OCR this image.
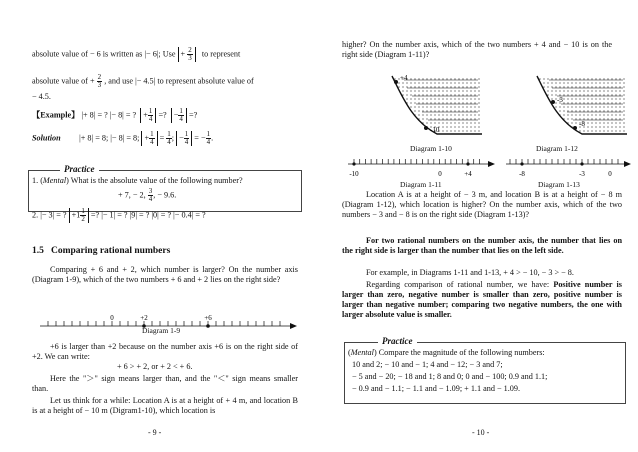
absolute value of − 6 is written as |− 6|; Use + $\frac{2}{3}$ to represent
absolute value of + $\frac{2}{3}$ , and use |− 4.5| to represent absolute value of
− 4.5.
【Example】 |+ 8| = ? |− 8| = ? + $\frac{1}{4}$ =? − $\frac{1}{4}$ =?
Solution |+ 8| = 8; |− 8| = 8; + $\frac{1}{4} = \frac{1}{4}$ ; − $\frac{1}{4}$ = − $\frac{1}{4}$ .
Practice
1. (Mental) What is the absolute value of the following number?
+ 7, − 2, $\frac{3}{4}$ , − 9.6.
2. |− 3| = ? $+1 \frac{1}{2}$ =? |− 1| = ? |9| = ? |0| = ? |− 0.4| = ?
1.5 Comparing rational numbers
Comparing + 6 and + 2, which number is larger? On the number axis (Diagram 1-9), which of the two numbers + 6 and + 2 lies on the right side?
0	+2	+6
Diagram 1-9
+6 is larger than +2 because on the number axis +6 is on the right side of +2. We can write:
+ 6 > + 2, or + 2 < + 6.
Here the "＞" sign means larger than, and the "＜" sign means smaller than.
Let us think for a while: Location A is at a height of + 4 m, and location B is at a height of − 10 m (Digram1-10), which location is
- 9 -
higher? On the number axis, which of the two numbers + 4 and − 10 is on the right side (Diagram 1-11)?
+4
-10
Diagram 1-10
-3
-8
Diagram 1-12
-10	0	+4
Diagram 1-11
-8	-3	0
Diagram 1-13
Location A is at a height of − 3 m, and location B is at a height of − 8 m (Diagram 1-12), which location is higher? On the number axis, which of the two numbers − 3 and − 8 is on the right side (Diagram 1-13)?
For two rational numbers on the number axis, the number that lies on the right side is larger than the number that lies on the left side.
For example, in Diagrams 1-11 and 1-13, + 4 > − 10, − 3 > − 8.
Regarding comparison of rational number, we have: Positive number is larger than zero, negative number is smaller than zero, positive number is larger than negative number; comparing two negative numbers, the one with larger absolute value is smaller.
Practice
(Mental) Compare the magnitude of the following numbers:
10 and 2; − 10 and − 1; 4 and − 12; − 3 and 7;
− 5 and − 20; − 18 and 1; 8 and 0; 0 and − 100; 0.9 and 1.1;
− 0.9 and − 1.1; − 1.1 and − 1.09; + 1.1 and − 1.09.
- 10 -
